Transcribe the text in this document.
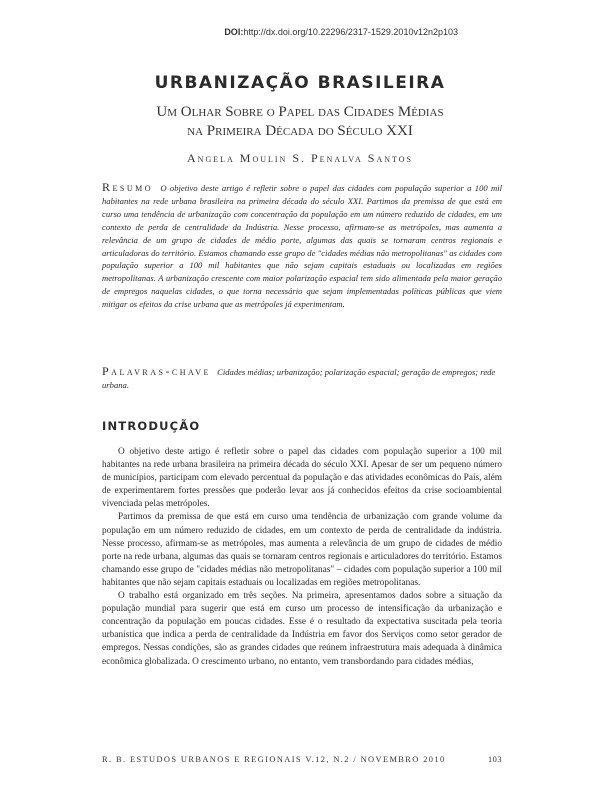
DOI:http://dx.doi.org/10.22296/2317-1529.2010v12n2p103
URBANIZAÇÃO BRASILEIRA
Um Olhar Sobre o Papel das Cidades Médias
na Primeira Década do Século XXI
Angela Moulin S. Penalva Santos
Resumo O objetivo deste artigo é refletir sobre o papel das cidades com população superior a 100 mil habitantes na rede urbana brasileira na primeira década do século XXI. Partimos da premissa de que está em curso uma tendência de urbanização com concentração da população em um número reduzido de cidades, em um contexto de perda de centralidade da Indústria. Nesse processo, afirmam-se as metrópoles, mas aumenta a relevância de um grupo de cidades de médio porte, algumas das quais se tornaram centros regionais e articuladoras do território. Estamos chamando esse grupo de "cidades médias não metropolitanas" as cidades com população superior a 100 mil habitantes que não sejam capitais estaduais ou localizadas em regiões metropolitanas. A urbanização crescente com maior polarização espacial tem sido alimentada pela maior geração de empregos naquelas cidades, o que torna necessário que sejam implementadas políticas públicas que viem mitigar os efeitos da crise urbana que as metrópoles já experimentam.
Palavras-chave Cidades médias; urbanização; polarização espacial; geração de empregos; rede urbana.
INTRODUÇÃO

O objetivo deste artigo é refletir sobre o papel das cidades com população superior a 100 mil habitantes na rede urbana brasileira na primeira década do século XXI. Apesar de ser um pequeno número de municípios, participam com elevado percentual da população e das atividades econômicas do País, além de experimentarem fortes pressões que poderão levar aos já conhecidos efeitos da crise socioambiental vivenciada pelas metrópoles.

Partimos da premissa de que está em curso uma tendência de urbanização com grande volume da população em um número reduzido de cidades, em um contexto de perda de centralidade da indústria. Nesse processo, afirmam-se as metrópoles, mas aumenta a relevância de um grupo de cidades de médio porte na rede urbana, algumas das quais se tornaram centros regionais e articuladores do território. Estamos chamando esse grupo de "cidades médias não metropolitanas" – cidades com população superior a 100 mil habitantes que não sejam capitais estaduais ou localizadas em regiões metropolitanas.

O trabalho está organizado em três seções. Na primeira, apresentamos dados sobre a situação da população mundial para sugerir que está em curso um processo de intensificação da urbanização e concentração da população em poucas cidades. Esse é o resultado da expectativa suscitada pela teoria urbanística que indica a perda de centralidade da Indústria em favor dos Serviços como setor gerador de empregos. Nessas condições, são as grandes cidades que reúnem infraestrutura mais adequada à dinâmica econômica globalizada. O crescimento urbano, no entanto, vem transbordando para cidades médias,

R. B. ESTUDOS URBANOS E REGIONAIS V.12, N.2 / NOVEMBRO 2010	103
